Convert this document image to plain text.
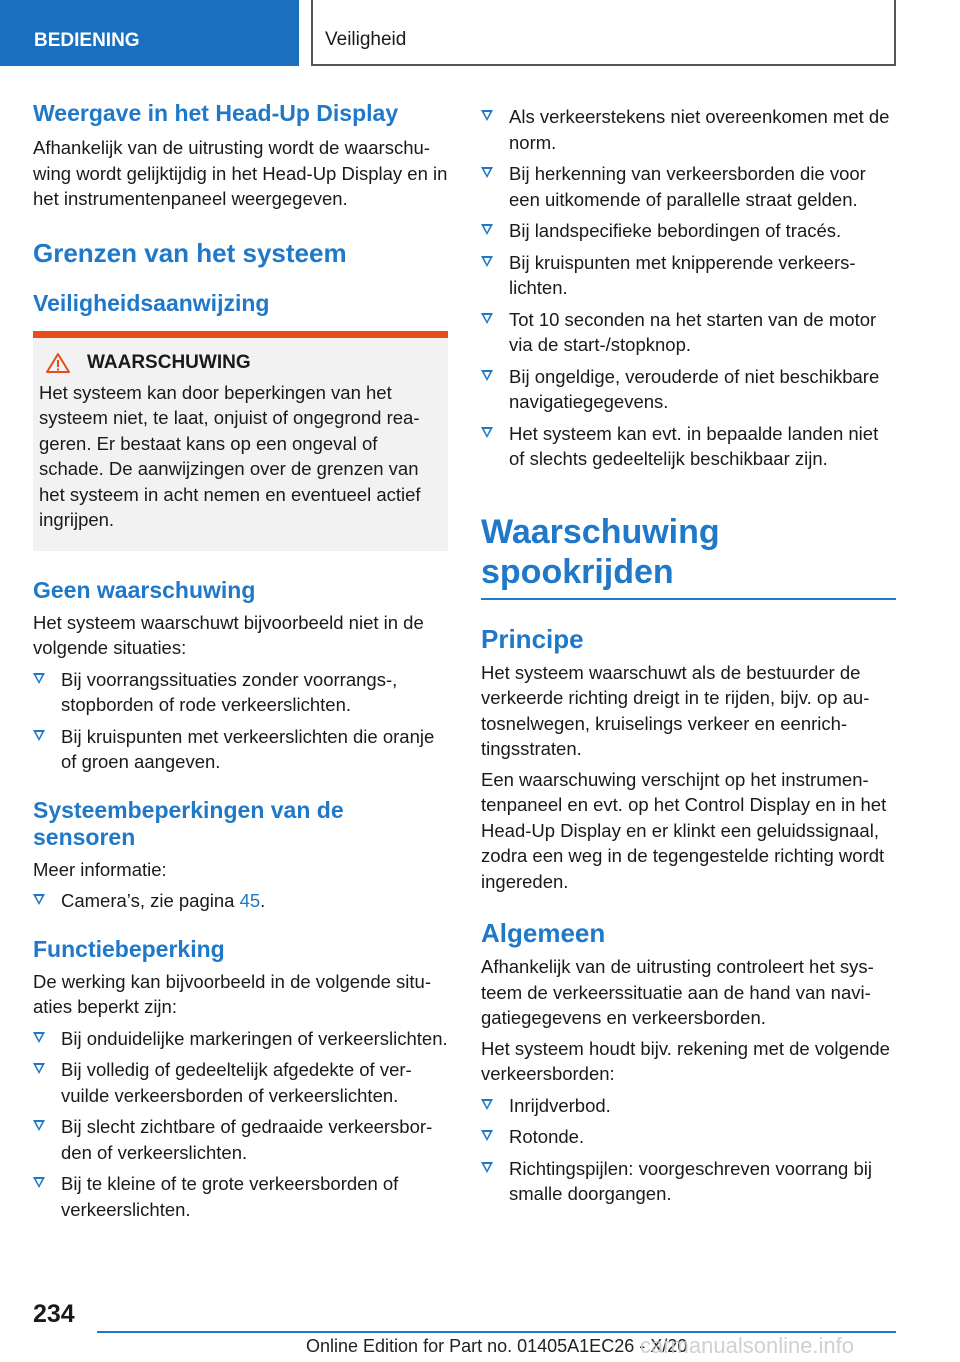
BEDIENING	Veiligheid
Weergave in het Head-Up Display

Afhankelijk van de uitrusting wordt de waarschuwing wordt gelijktijdig in het Head-Up Display en in het instrumentenpaneel weergegeven.

Grenzen van het systeem
Veiligheidsaanwijzing
WAARSCHUWING

Het systeem kan door beperkingen van het systeem niet, te laat, onjuist of ongegrond reageren. Er bestaat kans op een ongeval of schade. De aanwijzingen over de grenzen van het systeem in acht nemen en eventueel actief ingrijpen.

Geen waarschuwing

Het systeem waarschuwt bijvoorbeeld niet in de volgende situaties:

Bij voorrangssituaties zonder voorrangs-, stopborden of rode verkeerslichten.
Bij kruispunten met verkeerslichten die oranje of groen aangeven.
Systeembeperkingen van de sensoren

Meer informatie:

Camera’s, zie pagina 45.
Functiebeperking

De werking kan bijvoorbeeld in de volgende situaties beperkt zijn:

Bij onduidelijke markeringen of verkeerslichten.
Bij volledig of gedeeltelijk afgedekte of vervuilde verkeersborden of verkeerslichten.
Bij slecht zichtbare of gedraaide verkeersborden of verkeerslichten.
Bij te kleine of te grote verkeersborden of verkeerslichten.
Als verkeerstekens niet overeenkomen met de norm.
Bij herkenning van verkeersborden die voor een uitkomende of parallelle straat gelden.
Bij landspecifieke bebordingen of tracés.
Bij kruispunten met knipperende verkeerslichten.
Tot 10 seconden na het starten van de motor via de start-/stopknop.
Bij ongeldige, verouderde of niet beschikbare navigatiegegevens.
Het systeem kan evt. in bepaalde landen niet of slechts gedeeltelijk beschikbaar zijn.
Waarschuwing spookrijden
Principe

Het systeem waarschuwt als de bestuurder de verkeerde richting dreigt in te rijden, bijv. op autosnelwegen, kruiselings verkeer en eenrichtingsstraten.

Een waarschuwing verschijnt op het instrumentenpaneel en evt. op het Control Display en in het Head-Up Display en er klinkt een geluidssignaal, zodra een weg in de tegengestelde richting wordt ingereden.

Algemeen

Afhankelijk van de uitrusting controleert het systeem de verkeerssituatie aan de hand van navigatiegegevens en verkeersborden.

Het systeem houdt bijv. rekening met de volgende verkeersborden:

Inrijdverbod.
Rotonde.
Richtingspijlen: voorgeschreven voorrang bij smalle doorgangen.
234
Online Edition for Part no. 01405A1EC26 - X/20
carmanualsonline.info
